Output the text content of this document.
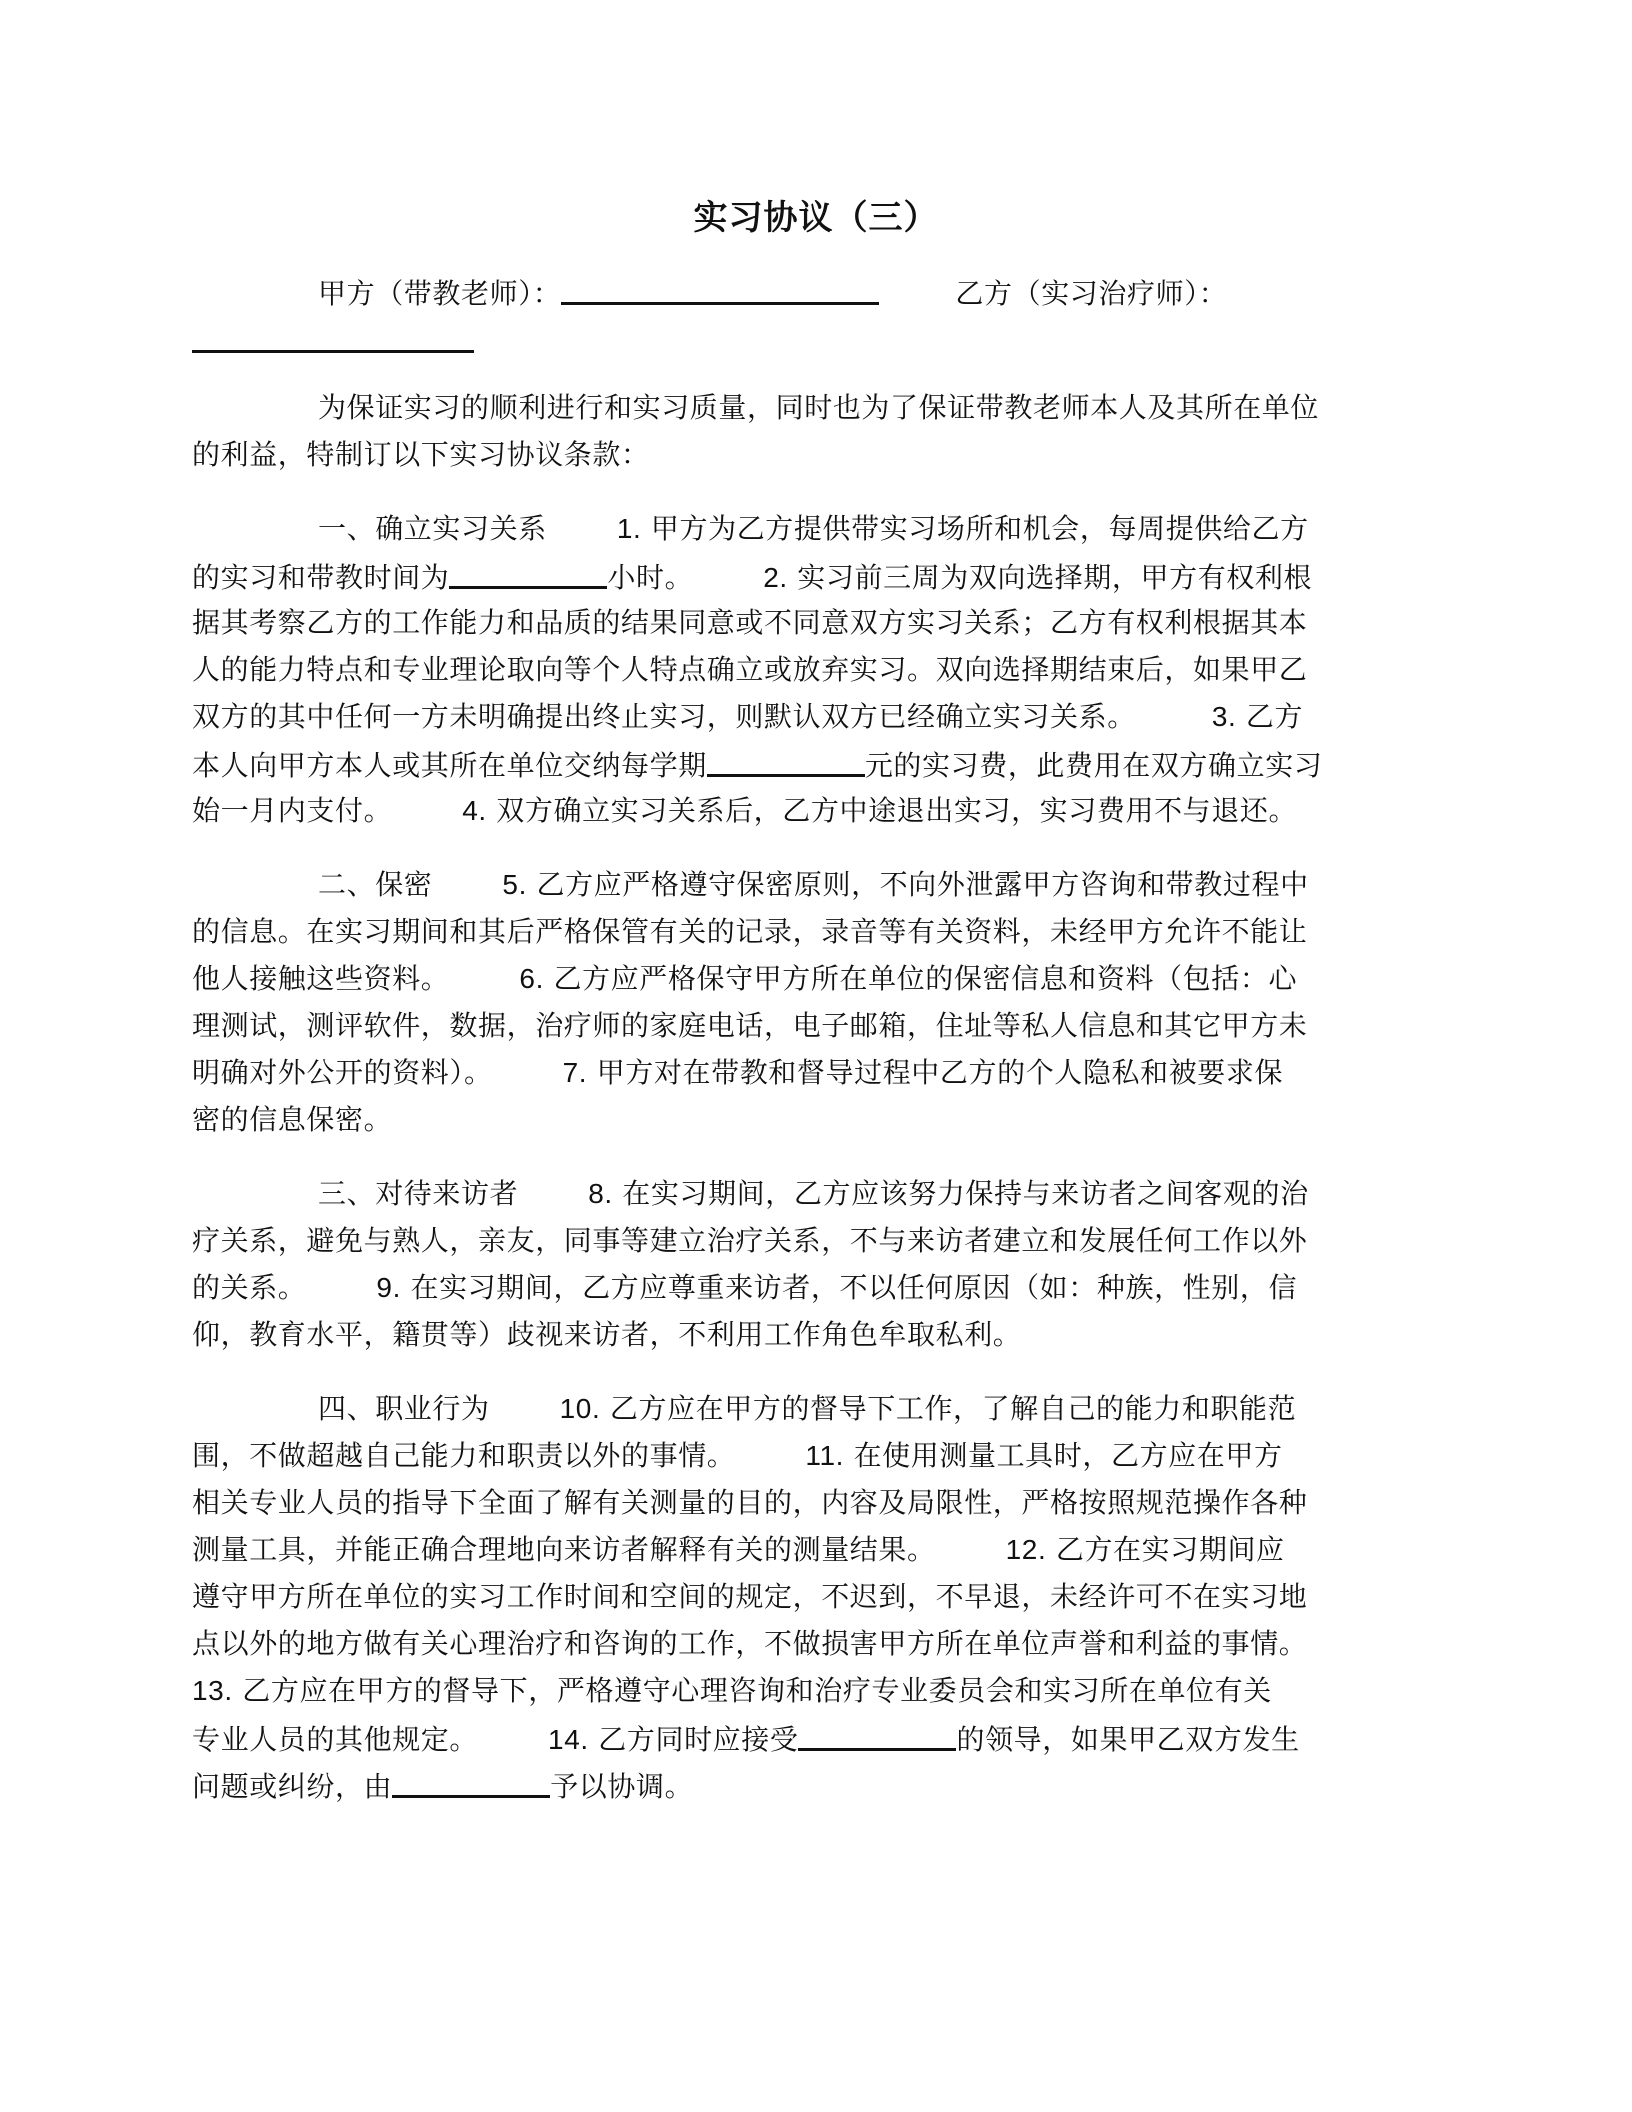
实习协议（三）
甲方（带教老师）：	乙方（实习治疗师）：
为保证实习的顺利进行和实习质量，同时也为了保证带教老师本人及其所在单位
的利益，特制订以下实习协议条款：
一、确立实习关系	1. 甲方为乙方提供带实习场所和机会，每周提供给乙方
的实习和带教时间为	小时。	2. 实习前三周为双向选择期，甲方有权利根
据其考察乙方的工作能力和品质的结果同意或不同意双方实习关系；乙方有权利根据其本
人的能力特点和专业理论取向等个人特点确立或放弃实习。双向选择期结束后，如果甲乙
双方的其中任何一方未明确提出终止实习，则默认双方已经确立实习关系。	3. 乙方
本人向甲方本人或其所在单位交纳每学期	元的实习费，此费用在双方确立实习
始一月内支付。	4. 双方确立实习关系后，乙方中途退出实习，实习费用不与退还。
二、保密	5. 乙方应严格遵守保密原则，不向外泄露甲方咨询和带教过程中
的信息。在实习期间和其后严格保管有关的记录，录音等有关资料，未经甲方允许不能让
他人接触这些资料。	6. 乙方应严格保守甲方所在单位的保密信息和资料（包括：心
理测试，测评软件，数据，治疗师的家庭电话，电子邮箱，住址等私人信息和其它甲方未
明确对外公开的资料）。	7. 甲方对在带教和督导过程中乙方的个人隐私和被要求保
密的信息保密。
三、对待来访者	8. 在实习期间，乙方应该努力保持与来访者之间客观的治
疗关系，避免与熟人，亲友，同事等建立治疗关系，不与来访者建立和发展任何工作以外
的关系。	9. 在实习期间，乙方应尊重来访者，不以任何原因（如：种族，性别，信
仰，教育水平，籍贯等）歧视来访者，不利用工作角色牟取私利。
四、职业行为	10. 乙方应在甲方的督导下工作，了解自己的能力和职能范
围，不做超越自己能力和职责以外的事情。	11. 在使用测量工具时，乙方应在甲方
相关专业人员的指导下全面了解有关测量的目的，内容及局限性，严格按照规范操作各种
测量工具，并能正确合理地向来访者解释有关的测量结果。	12. 乙方在实习期间应
遵守甲方所在单位的实习工作时间和空间的规定，不迟到，不早退，未经许可不在实习地
点以外的地方做有关心理治疗和咨询的工作，不做损害甲方所在单位声誉和利益的事情。
13. 乙方应在甲方的督导下，严格遵守心理咨询和治疗专业委员会和实习所在单位有关
专业人员的其他规定。	14. 乙方同时应接受	的领导，如果甲乙双方发生
问题或纠纷，由	予以协调。
